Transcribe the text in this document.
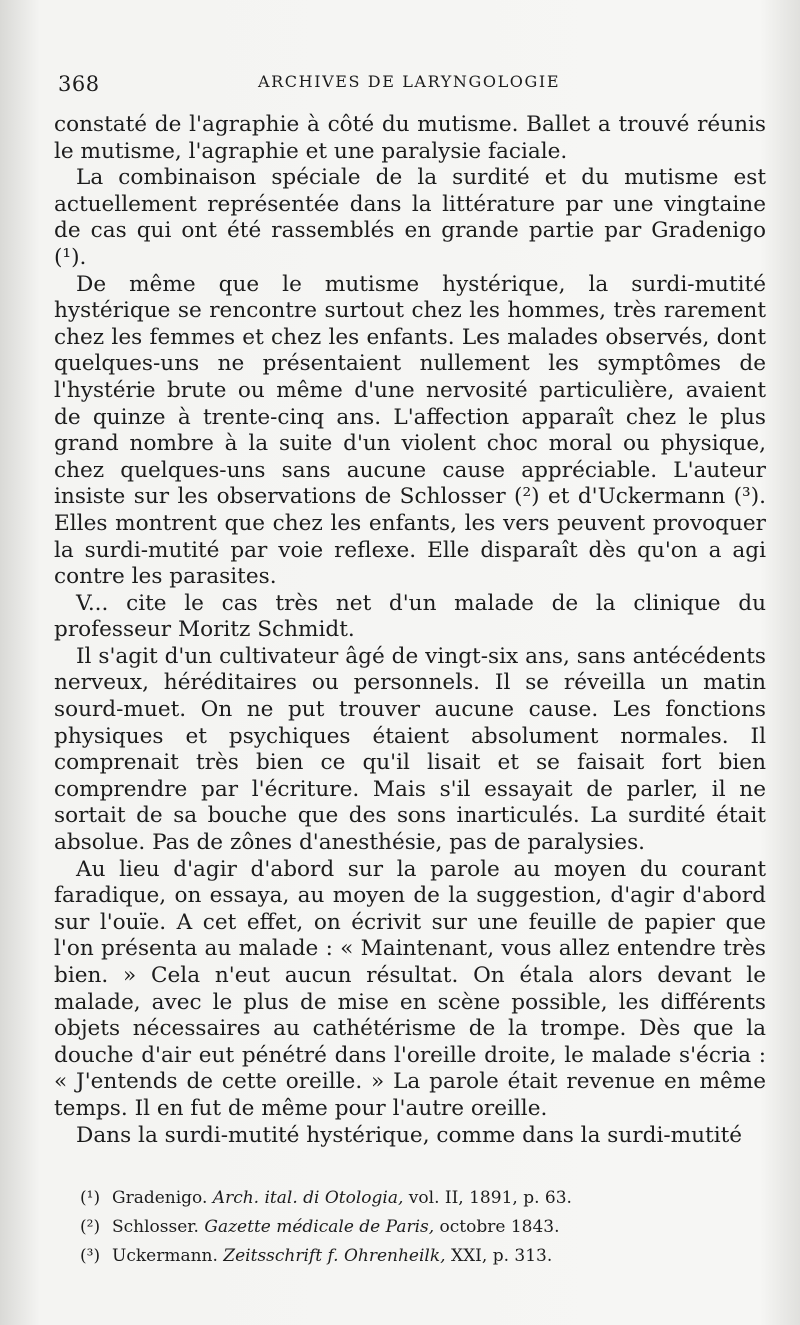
368	ARCHIVES DE LARYNGOLOGIE

constaté de l'agraphie à côté du mutisme. Ballet a trouvé réunis le mutisme, l'agraphie et une paralysie faciale.

La combinaison spéciale de la surdité et du mutisme est actuellement représentée dans la littérature par une vingtaine de cas qui ont été rassemblés en grande partie par Gradenigo (¹).

De même que le mutisme hystérique, la surdi-mutité hystérique se rencontre surtout chez les hommes, très rarement chez les femmes et chez les enfants. Les malades observés, dont quelques-uns ne présentaient nullement les symptômes de l'hystérie brute ou même d'une nervosité particulière, avaient de quinze à trente-cinq ans. L'affection apparaît chez le plus grand nombre à la suite d'un violent choc moral ou physique, chez quelques-uns sans aucune cause appréciable. L'auteur insiste sur les observations de Schlosser (²) et d'Uckermann (³). Elles montrent que chez les enfants, les vers peuvent provoquer la surdi-mutité par voie reflexe. Elle disparaît dès qu'on a agi contre les parasites.

V... cite le cas très net d'un malade de la clinique du professeur Moritz Schmidt.

Il s'agit d'un cultivateur âgé de vingt-six ans, sans antécédents nerveux, héréditaires ou personnels. Il se réveilla un matin sourd-muet. On ne put trouver aucune cause. Les fonctions physiques et psychiques étaient absolument normales. Il comprenait très bien ce qu'il lisait et se faisait fort bien comprendre par l'écriture. Mais s'il essayait de parler, il ne sortait de sa bouche que des sons inarticulés. La surdité était absolue. Pas de zônes d'anesthésie, pas de paralysies.

Au lieu d'agir d'abord sur la parole au moyen du courant faradique, on essaya, au moyen de la suggestion, d'agir d'abord sur l'ouïe. A cet effet, on écrivit sur une feuille de papier que l'on présenta au malade : « Maintenant, vous allez entendre très bien. » Cela n'eut aucun résultat. On étala alors devant le malade, avec le plus de mise en scène possible, les différents objets nécessaires au cathétérisme de la trompe. Dès que la douche d'air eut pénétré dans l'oreille droite, le malade s'écria : « J'entends de cette oreille. » La parole était revenue en même temps. Il en fut de même pour l'autre oreille.

Dans la surdi-mutité hystérique, comme dans la surdi-mutité

(¹) Gradenigo. Arch. ital. di Otologia, vol. II, 1891, p. 63.
(²) Schlosser. Gazette médicale de Paris, octobre 1843.
(³) Uckermann. Zeitsschrift f. Ohrenheilk, XXI, p. 313.
